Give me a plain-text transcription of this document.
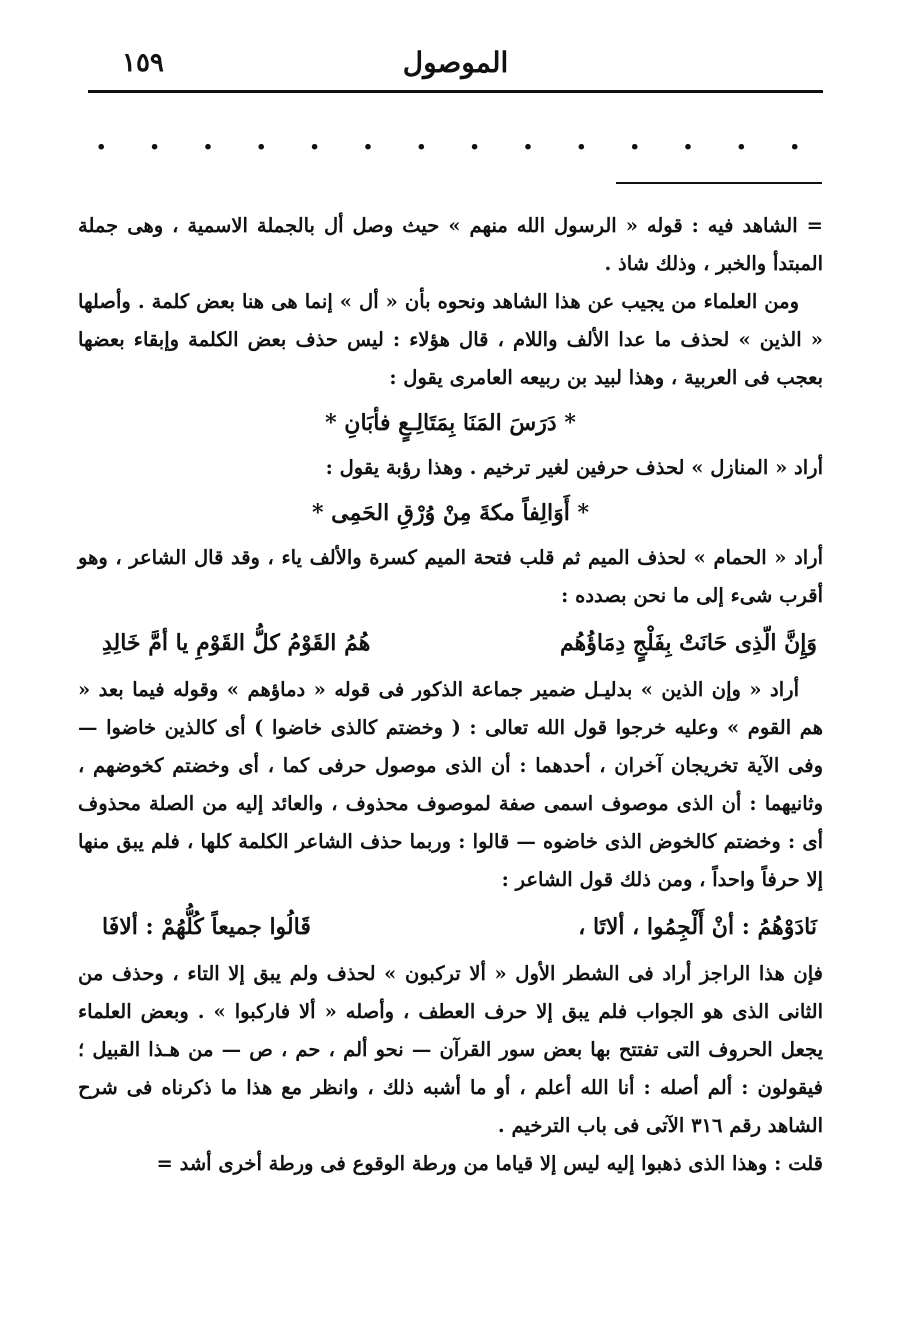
١٥٩	الموصول
. . . . . . . . . . . . . .

= الشاهد فيه : قوله « الرسول الله منهم » حيث وصل أل بالجملة الاسمية ، وهى جملة المبتدأ والخبر ، وذلك شاذ .

ومن العلماء من يجيب عن هذا الشاهد ونحوه بأن « أل » إنما هى هنا بعض كلمة . وأصلها « الذين » لحذف ما عدا الألف واللام ، قال هؤلاء : ليس حذف بعض الكلمة وإبقاء بعضها بعجب فى العربية ، وهذا لبيد بن ربيعه العامرى يقول :

* دَرَسَ المَنَا بِمَتَالِـعٍ فأبَانِ *

أراد « المنازل » لحذف حرفين لغير ترخيم . وهذا رؤبة يقول :

* أَوَالِفاً مكةَ مِنْ وُرْقِ الحَمِى *

أراد « الحمام » لحذف الميم ثم قلب فتحة الميم كسرة والألف ياء ، وقد قال الشاعر ، وهو أقرب شىء إلى ما نحن بصدده :

وَإِنَّ الّذِى حَانَتْ بِفَلْجٍ دِمَاؤُهُم
هُمُ القَوْمُ كلُّ القَوْمِ يا أمَّ خَالِدِ

أراد « وإن الذين » بدليـل ضمير جماعة الذكور فى قوله « دماؤهم » وقوله فيما بعد « هم القوم » وعليه خرجوا قول الله تعالى : ( وخضتم كالذى خاضوا ) أى كالذين خاضوا — وفى الآية تخريجان آخران ، أحدهما : أن الذى موصول حرفى كما ، أى وخضتم كخوضهم ، وثانيهما : أن الذى موصوف اسمى صفة لموصوف محذوف ، والعائد إليه من الصلة محذوف أى : وخضتم كالخوض الذى خاضوه — قالوا : وربما حذف الشاعر الكلمة كلها ، فلم يبق منها إلا حرفاً واحداً ، ومن ذلك قول الشاعر :

نَادَوْهُمُ : أنْ أَلْجِمُوا ، ألاتَا ،
قَالُوا جميعاً كُلُّهُمْ : ألافَا

فإن هذا الراجز أراد فى الشطر الأول « ألا تركبون » لحذف ولم يبق إلا التاء ، وحذف من الثانى الذى هو الجواب فلم يبق إلا حرف العطف ، وأصله « ألا فاركبوا » . وبعض العلماء يجعل الحروف التى تفتتح بها بعض سور القرآن — نحو ألم ، حم ، ص — من هـذا القبيل ؛ فيقولون : ألم أصله : أنا الله أعلم ، أو ما أشبه ذلك ، وانظر مع هذا ما ذكرناه فى شرح الشاهد رقم ٣١٦ الآتى فى باب الترخيم .

قلت : وهذا الذى ذهبوا إليه ليس إلا قياما من ورطة الوقوع فى ورطة أخرى أشد =
